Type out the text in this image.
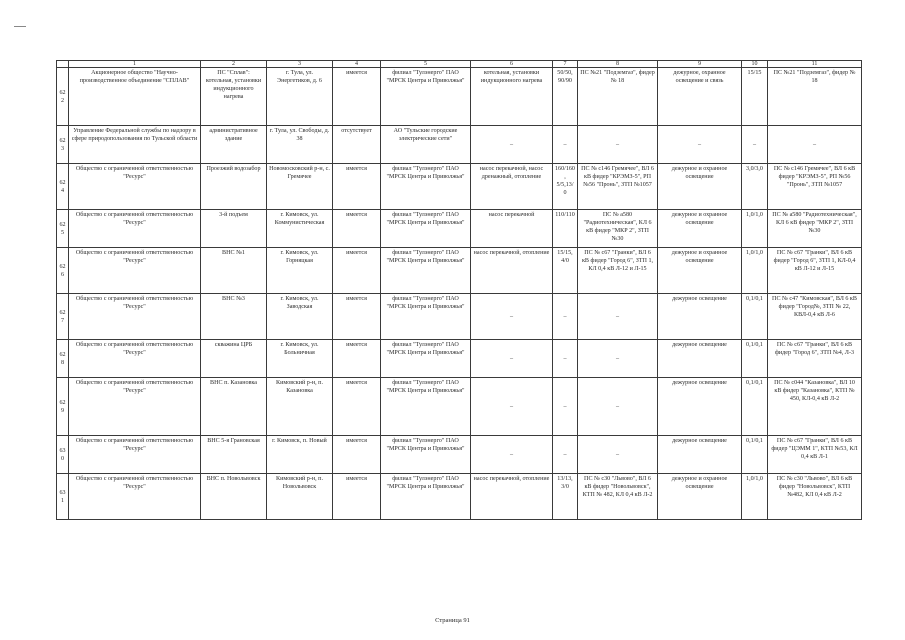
	1	2	3	4	5	6	7	8	9	10	11
622	Акционерное общество "Научно-производственное объединение "СПЛАВ"	ПС "Сплав": котельная, установки индукционного нагрева	г. Тула, ул. Энергетиков, д. 6	имеется	филиал "Тулэнерго" ПАО "МРСК Центра и Приволжья"	котельная, установки индукционного нагрева	50/50, 90/90	ПС №21 "Подземгаз", фидер № 18	дежурное, охранное освещение и связь	15/15	ПС №21 "Подземгаз", фидер № 18
623	Управление Федеральной службы по надзору в сфере природопользования по Тульской области	административное здание	г. Тула, ул. Свободы, д. 38	отсутствует	АО "Тульские городские электрические сети"	–	–	–	–	–	–
624	Общество с ограниченной ответственностью "Ресурс"	Проезжий водозабор	Новомосковский р-н, с. Гремячее	имеется	филиал "Тулэнерго" ПАО "МРСК Центра и Приволжья"	насос перекачной, насос дренажный, отопление	160/160, 5/5,13/0	ПС № с146 Гремячее", ВЛ 6 кВ фидер "КРЭМЗ-5", РП №56 "Пронь", ЗТП №1057	дежурное и охранное освещение	3,0/3,0	ПС № с146 Гремячее", ВЛ 6 кВ фидер "КРЭМЗ-5", РП №56 "Пронь", ЗТП №1057
625	Общество с ограниченной ответственностью "Ресурс"	3-й подъем	г. Кимовск, ул. Коммунистическая	имеется	филиал "Тулэнерго" ПАО "МРСК Центра и Приволжья"	насос перекачной	110/110	ПС № а580 "Радиотехническая", КЛ 6 кВ фидер "МКР 2", ЗТП №30	дежурное и охранное освещение	1,0/1,0	ПС № а580 "Радиотехническая", КЛ 6 кВ фидер "МКР 2", ЗТП №30
626	Общество с ограниченной ответственностью "Ресурс"	ВНС №1	г. Кимовск, ул. Горняцкая	имеется	филиал "Тулэнерго" ПАО "МРСК Центра и Приволжья"	насос перекачной, отопление	15/15, 4/0	ПС № с67 "Гранки", ВЛ 6 кВ фидер "Город 6", ЗТП 1, КЛ 0,4 кВ Л-12 и Л-15	дежурное и охранное освещение	1,0/1,0	ПС № с67 "Гранки", ВЛ 6 кВ фидер "Город 6", ЗТП 1, КЛ-0,4 кВ Л-12 и Л-15
627	Общество с ограниченной ответственностью "Ресурс"	ВНС №3	г. Кимовск, ул. Заводская	имеется	филиал "Тулэнерго" ПАО "МРСК Центра и Приволжья"	–	–	–	дежурное освещение	0,1/0,1	ПС № с47 "Кимовская", ВЛ 6 кВ фидер "Город№, ЗТП № 22, КВЛ-0,4 кВ Л-6
628	Общество с ограниченной ответственностью "Ресурс"	скважина ЦРБ	г. Кимовск, ул. Больничная	имеется	филиал "Тулэнерго" ПАО "МРСК Центра и Приволжья"	–	–	–	дежурное освещение	0,1/0,1	ПС № с67 "Гранки", ВЛ 6 кВ фидер "Город 6", ЗТП №4, Л-3
629	Общество с ограниченной ответственностью "Ресурс"	ВНС п. Казановка	Кимовский р-н, п. Казановка	имеется	филиал "Тулэнерго" ПАО "МРСК Центра и Приволжья"	–	–	–	дежурное освещение	0,1/0,1	ПС № с044 "Казановка", ВЛ 10 кВ фидер "Казановка", КТП № 450, КЛ-0,4 кВ Л-2
630	Общество с ограниченной ответственностью "Ресурс"	ВНС 5-я Грановская	г. Кимовск, п. Новый	имеется	филиал "Тулэнерго" ПАО "МРСК Центра и Приволжья"	–	–	–	дежурное освещение	0,1/0,1	ПС № с67 "Гранки", ВЛ 6 кВ фидер "ЦЭММ 1", КТП №53, КЛ 0,4 кВ Л-1
631	Общество с ограниченной ответственностью "Ресурс"	ВНС п. Новольвовск	Кимовский р-н, п. Новольвовск	имеется	филиал "Тулэнерго" ПАО "МРСК Центра и Приволжья"	насос перекачной, отопление	13/13, 3/0	ПС № с30 "Львово", ВЛ 6 кВ фидер "Новольвовск", КТП № 482, КЛ 0,4 кВ Л-2	дежурное и охранное освещение	1,0/1,0	ПС № с30 "Львово", ВЛ 6 кВ фидер "Новольвовск", КТП №482, КЛ 0,4 кВ Л-2
Страница 91
